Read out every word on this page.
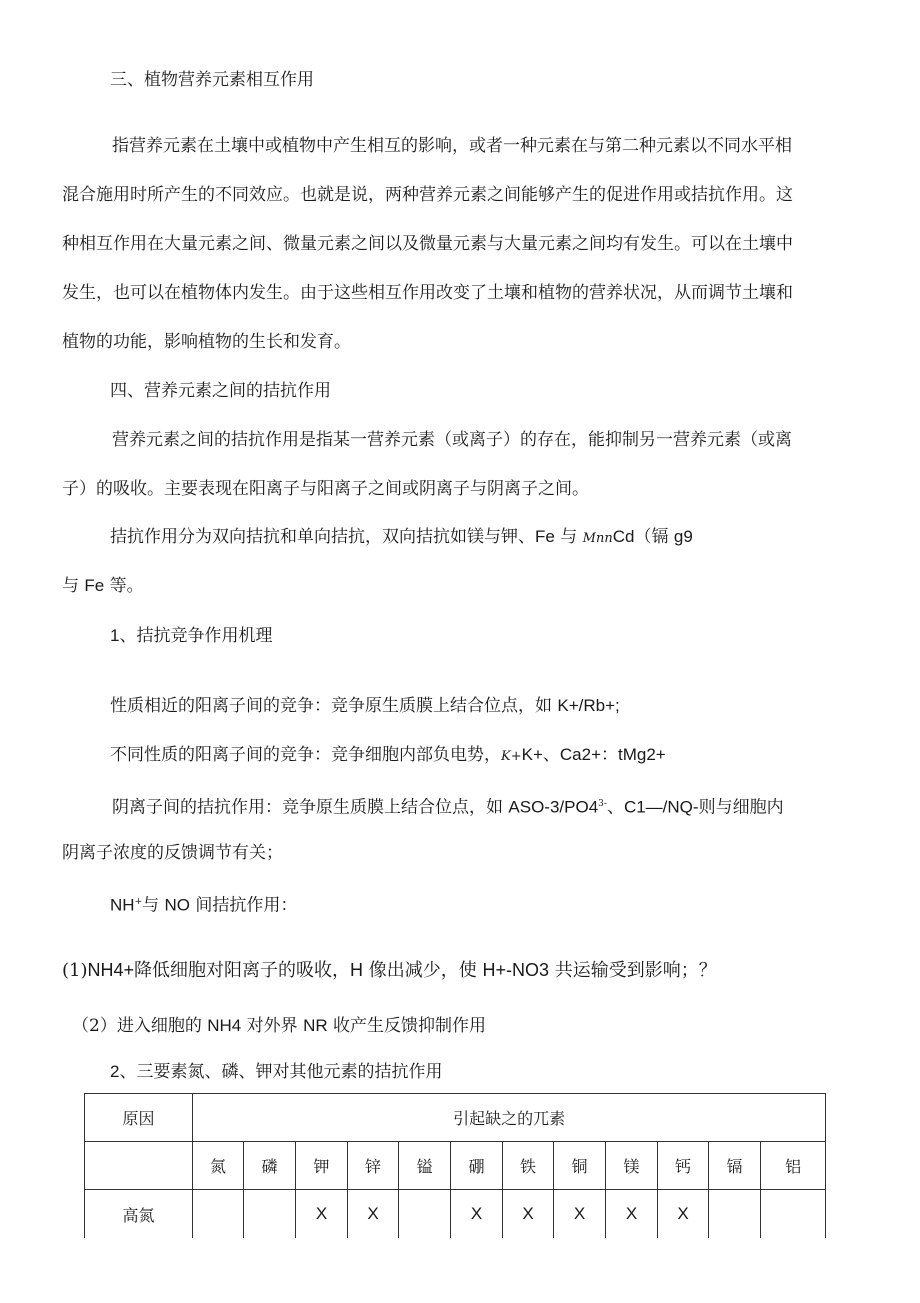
三、植物营养元素相互作用
指营养元素在土壤中或植物中产生相互的影响，或者一种元素在与第二种元素以不同水平相
混合施用时所产生的不同效应。也就是说，两种营养元素之间能够产生的促进作用或拮抗作用。这
种相互作用在大量元素之间、微量元素之间以及微量元素与大量元素之间均有发生。可以在土壤中
发生，也可以在植物体内发生。由于这些相互作用改变了土壤和植物的营养状况，从而调节土壤和
植物的功能，影响植物的生长和发育。
四、营养元素之间的拮抗作用
营养元素之间的拮抗作用是指某一营养元素（或离子）的存在，能抑制另一营养元素（或离
子）的吸收。主要表现在阳离子与阳离子之间或阴离子与阴离子之间。
拮抗作用分为双向拮抗和单向拮抗，双向拮抗如镁与钾、Fe 与 MnnCd（镉 g9
与 Fe 等。
1、拮抗竞争作用机理
性质相近的阳离子间的竞争：竞争原生质膜上结合位点，如 K+/Rb+;
不同性质的阳离子间的竞争：竞争细胞内部负电势，K+K+、Ca2+：tMg2+
阴离子间的拮抗作用：竞争原生质膜上结合位点，如 ASO-$3/PO4^{3-}$、C1—/NQ-则与细胞内
阴离子浓度的反馈调节有关；
NH+与 NO 间拮抗作用：
(1)NH4+降低细胞对阳离子的吸收，H 像出减少，使 H+-NO3 共运输受到影响；？
（2）进入细胞的 NH4 对外界 NR 收产生反馈抑制作用
2、三要素氮、磷、钾对其他元素的拮抗作用
原因	引起缺之的兀素											
	氮	磷	钾	锌	镒	硼	铁	铜	镁	钙	镉	铝
高氮			X	X		X	X	X	X	X		
